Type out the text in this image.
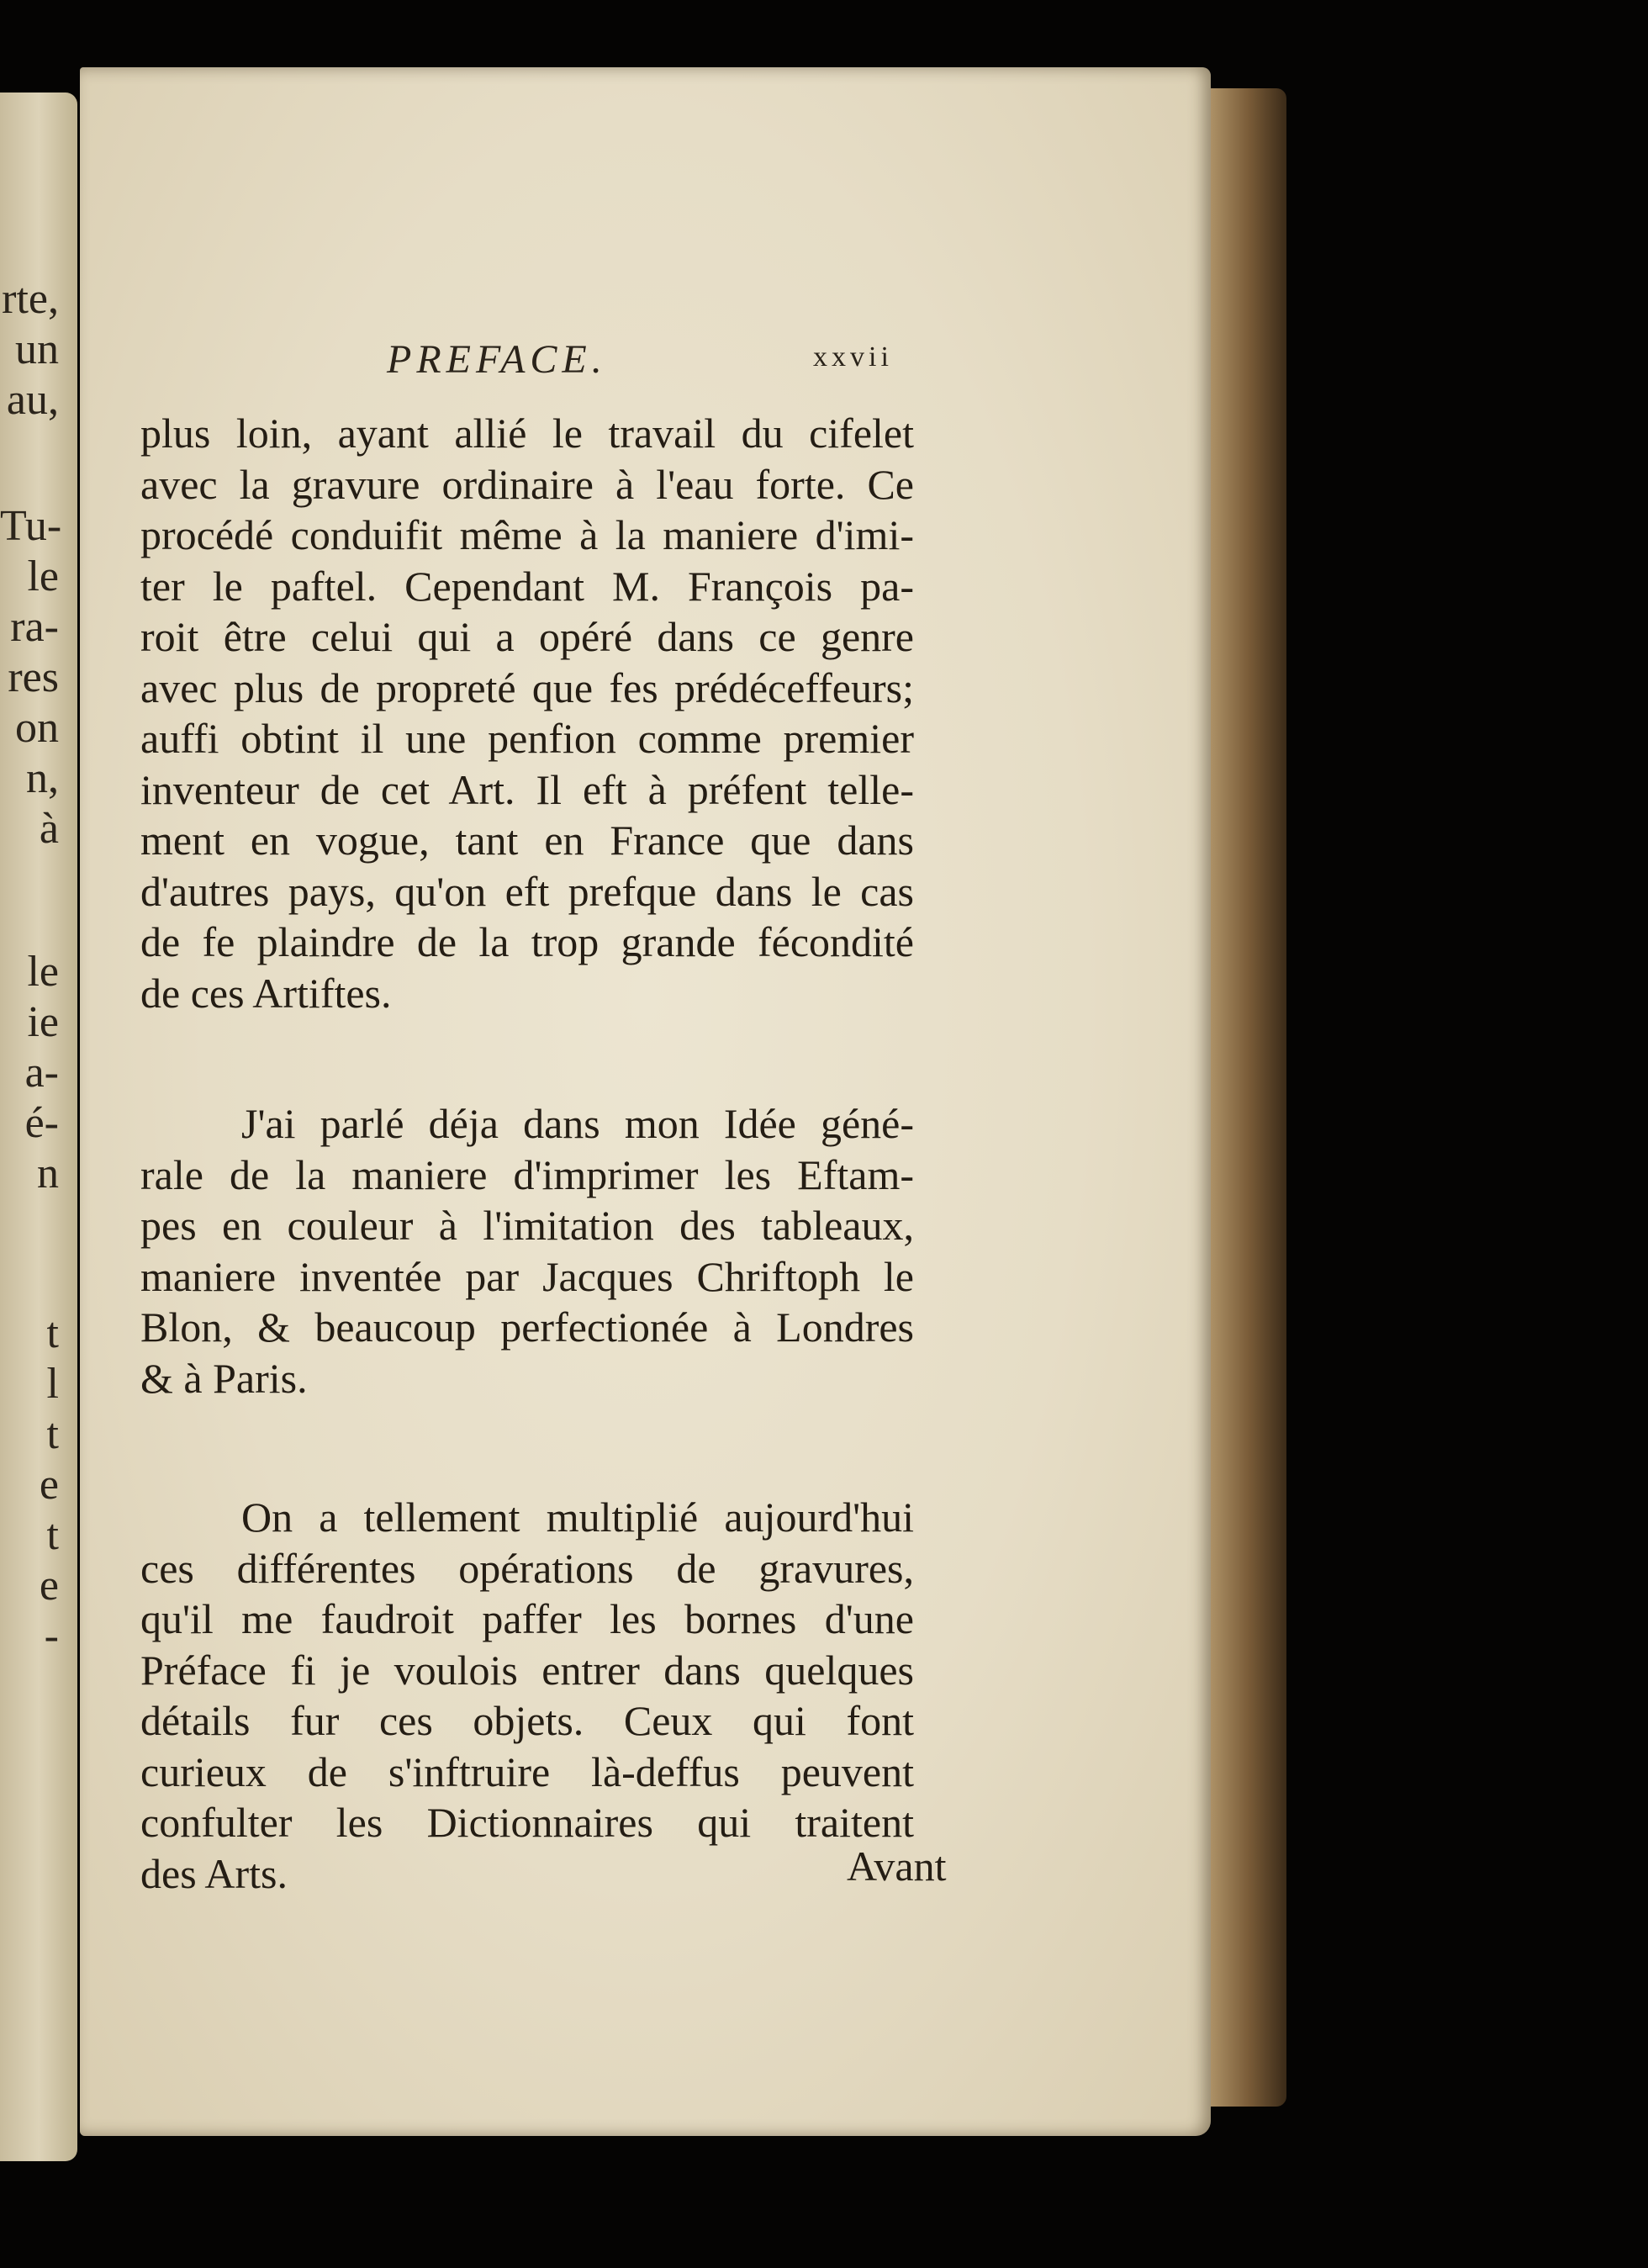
rte,
un
au,
Tu-
le
ra-
res
on
n,
à
le
ie
a-
é-
n
t
l
t
e
t
e
-
PREFACE.	xxvii
plus loin, ayant allié le travail du cifelet
avec la gravure ordinaire à l'eau forte. Ce
procédé conduifit même à la maniere d'imi-
ter le paftel. Cependant M. François pa-
roit être celui qui a opéré dans ce genre
avec plus de propreté que fes prédéceffeurs;
auffi obtint il une penfion comme premier
inventeur de cet Art. Il eft à préfent telle-
ment en vogue, tant en France que dans
d'autres pays, qu'on eft prefque dans le cas
de fe plaindre de la trop grande fécondité
de ces Artiftes.
J'ai parlé déja dans mon Idée géné-
rale de la maniere d'imprimer les Eftam-
pes en couleur à l'imitation des tableaux,
maniere inventée par Jacques Chriftoph le
Blon, & beaucoup perfectionée à Londres
& à Paris.
On a tellement multiplié aujourd'hui
ces différentes opérations de gravures,
qu'il me faudroit paffer les bornes d'une
Préface fi je voulois entrer dans quelques
détails fur ces objets. Ceux qui font
curieux de s'inftruire là-deffus peuvent
confulter les Dictionnaires qui traitent
des Arts.	Avant
